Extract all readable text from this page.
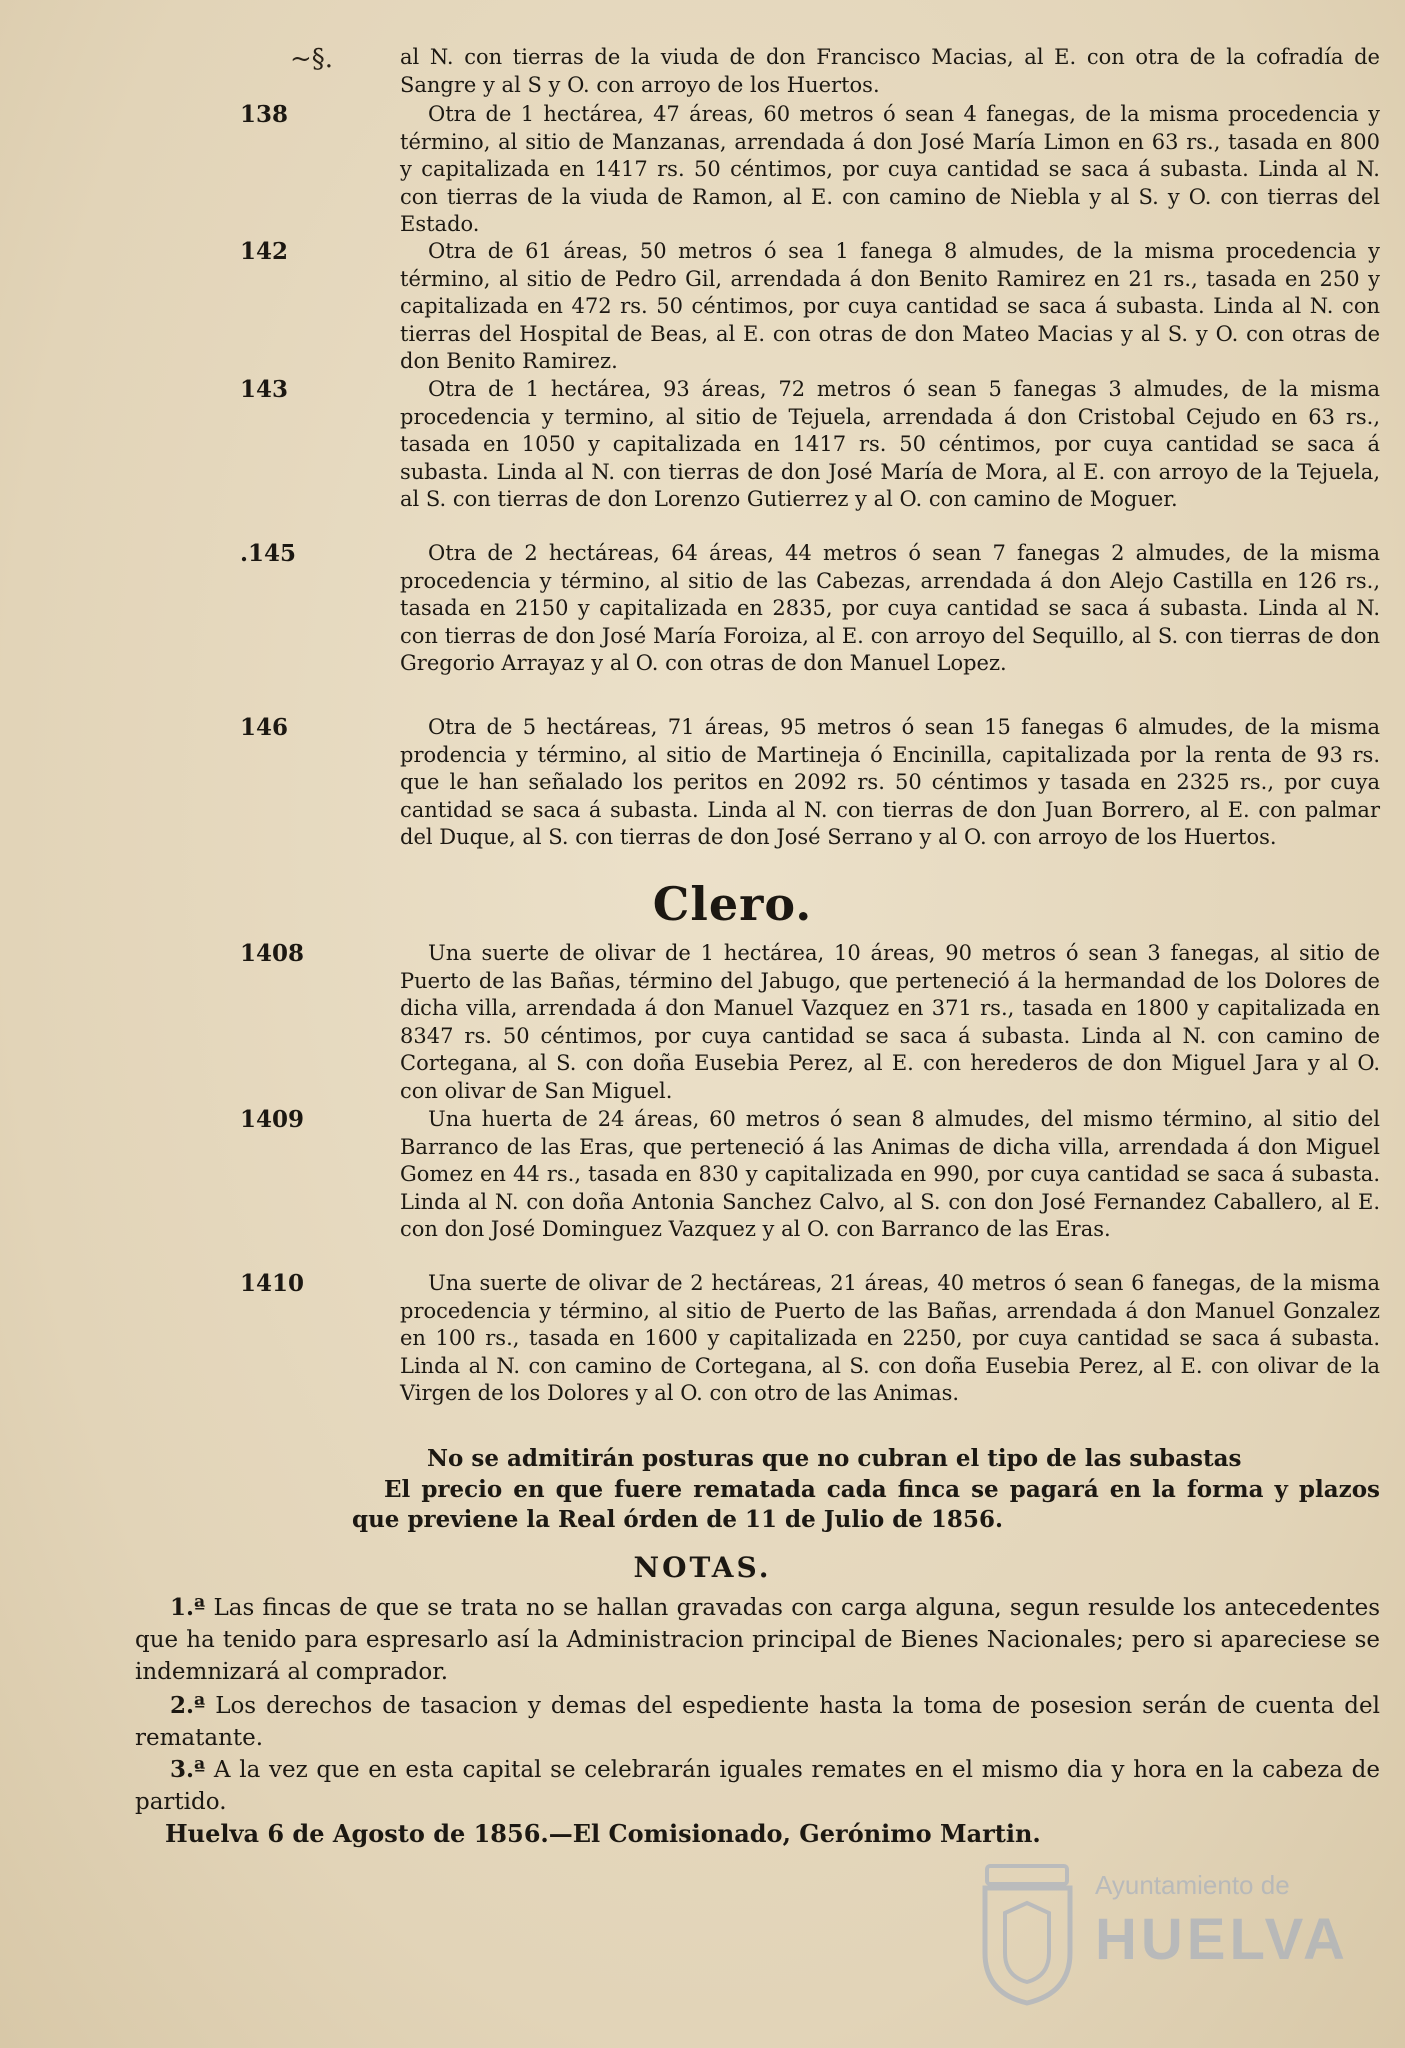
~§.	al N. con tierras de la viuda de don Francisco Macias, al E. con otra de la cofradía de Sangre y al S y O. con arroyo de los Huertos.
138	Otra de 1 hectárea, 47 áreas, 60 metros ó sean 4 fanegas, de la misma procedencia y término, al sitio de Manzanas, arrendada á don José María Limon en 63 rs., tasada en 800 y capitalizada en 1417 rs. 50 céntimos, por cuya cantidad se saca á subasta. Linda al N. con tierras de la viuda de Ramon, al E. con camino de Niebla y al S. y O. con tierras del Estado.
142	Otra de 61 áreas, 50 metros ó sea 1 fanega 8 almudes, de la misma procedencia y término, al sitio de Pedro Gil, arrendada á don Benito Ramirez en 21 rs., tasada en 250 y capitalizada en 472 rs. 50 céntimos, por cuya cantidad se saca á subasta. Linda al N. con tierras del Hospital de Beas, al E. con otras de don Mateo Macias y al S. y O. con otras de don Benito Ramirez.
143	Otra de 1 hectárea, 93 áreas, 72 metros ó sean 5 fanegas 3 almudes, de la misma procedencia y termino, al sitio de Tejuela, arrendada á don Cristobal Cejudo en 63 rs., tasada en 1050 y capitalizada en 1417 rs. 50 céntimos, por cuya cantidad se saca á subasta. Linda al N. con tierras de don José María de Mora, al E. con arroyo de la Tejuela, al S. con tierras de don Lorenzo Gutierrez y al O. con camino de Moguer.
.145	Otra de 2 hectáreas, 64 áreas, 44 metros ó sean 7 fanegas 2 almudes, de la misma procedencia y término, al sitio de las Cabezas, arrendada á don Alejo Castilla en 126 rs., tasada en 2150 y capitalizada en 2835, por cuya cantidad se saca á subasta. Linda al N. con tierras de don José María Foroiza, al E. con arroyo del Sequillo, al S. con tierras de don Gregorio Arrayaz y al O. con otras de don Manuel Lopez.
146	Otra de 5 hectáreas, 71 áreas, 95 metros ó sean 15 fanegas 6 almudes, de la misma prodencia y término, al sitio de Martineja ó Encinilla, capitalizada por la renta de 93 rs. que le han señalado los peritos en 2092 rs. 50 céntimos y tasada en 2325 rs., por cuya cantidad se saca á subasta. Linda al N. con tierras de don Juan Borrero, al E. con palmar del Duque, al S. con tierras de don José Serrano y al O. con arroyo de los Huertos.
Clero.
1408	Una suerte de olivar de 1 hectárea, 10 áreas, 90 metros ó sean 3 fanegas, al sitio de Puerto de las Bañas, término del Jabugo, que perteneció á la hermandad de los Dolores de dicha villa, arrendada á don Manuel Vazquez en 371 rs., tasada en 1800 y capitalizada en 8347 rs. 50 céntimos, por cuya cantidad se saca á subasta. Linda al N. con camino de Cortegana, al S. con doña Eusebia Perez, al E. con herederos de don Miguel Jara y al O. con olivar de San Miguel.
1409	Una huerta de 24 áreas, 60 metros ó sean 8 almudes, del mismo término, al sitio del Barranco de las Eras, que perteneció á las Animas de dicha villa, arrendada á don Miguel Gomez en 44 rs., tasada en 830 y capitalizada en 990, por cuya cantidad se saca á subasta. Linda al N. con doña Antonia Sanchez Calvo, al S. con don José Fernandez Caballero, al E. con don José Dominguez Vazquez y al O. con Barranco de las Eras.
1410	Una suerte de olivar de 2 hectáreas, 21 áreas, 40 metros ó sean 6 fanegas, de la misma procedencia y término, al sitio de Puerto de las Bañas, arrendada á don Manuel Gonzalez en 100 rs., tasada en 1600 y capitalizada en 2250, por cuya cantidad se saca á subasta. Linda al N. con camino de Cortegana, al S. con doña Eusebia Perez, al E. con olivar de la Virgen de los Dolores y al O. con otro de las Animas.
No se admitirán posturas que no cubran el tipo de las subastas
El precio en que fuere rematada cada finca se pagará en la forma y plazos que previene la Real órden de 11 de Julio de 1856.
NOTAS.
1.ª Las fincas de que se trata no se hallan gravadas con carga alguna, segun resulde los antecedentes que ha tenido para espresarlo así la Administracion principal de Bienes Nacionales; pero si apareciese se indemnizará al comprador.
2.ª Los derechos de tasacion y demas del espediente hasta la toma de posesion serán de cuenta del rematante.
3.ª A la vez que en esta capital se celebrarán iguales remates en el mismo dia y hora en la cabeza de partido.
Huelva 6 de Agosto de 1856.—El Comisionado, Gerónimo Martin.
Ayuntamiento de
HUELVA
